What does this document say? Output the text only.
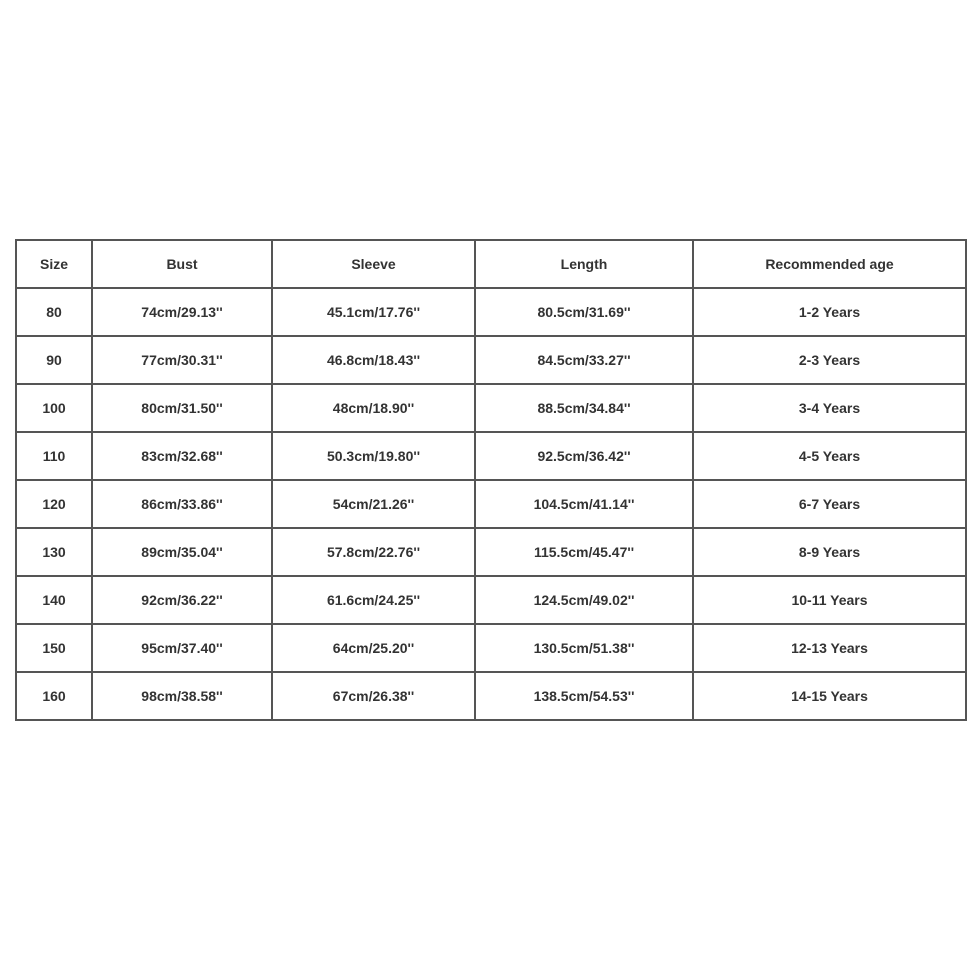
Size	Bust	Sleeve	Length	Recommended age
80	74cm/29.13''	45.1cm/17.76''	80.5cm/31.69''	1-2 Years
90	77cm/30.31''	46.8cm/18.43''	84.5cm/33.27''	2-3 Years
100	80cm/31.50''	48cm/18.90''	88.5cm/34.84''	3-4 Years
110	83cm/32.68''	50.3cm/19.80''	92.5cm/36.42''	4-5 Years
120	86cm/33.86''	54cm/21.26''	104.5cm/41.14''	6-7 Years
130	89cm/35.04''	57.8cm/22.76''	115.5cm/45.47''	8-9 Years
140	92cm/36.22''	61.6cm/24.25''	124.5cm/49.02''	10-11 Years
150	95cm/37.40''	64cm/25.20''	130.5cm/51.38''	12-13 Years
160	98cm/38.58''	67cm/26.38''	138.5cm/54.53''	14-15 Years
